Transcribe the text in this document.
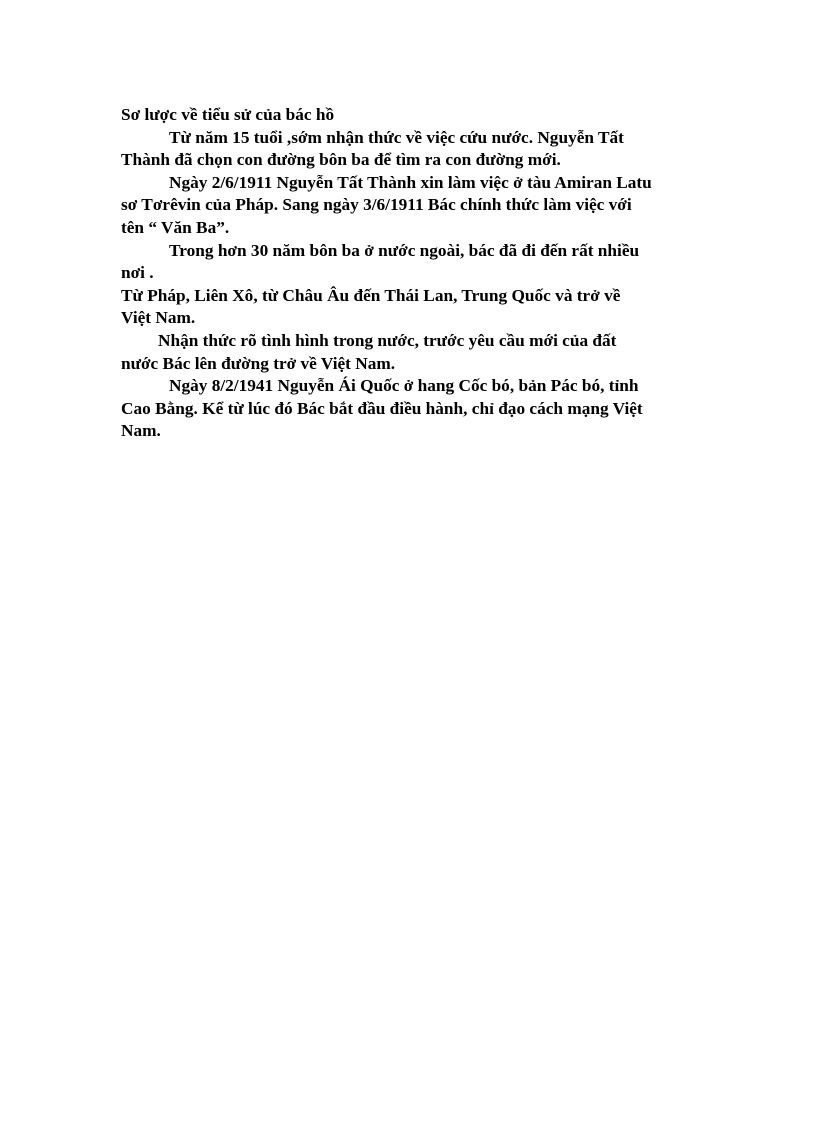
Sơ lược về tiểu sử của bác hồ
Từ năm 15 tuổi ,sớm nhận thức về việc cứu nước. Nguyễn Tất
Thành đã chọn con đường bôn ba để tìm ra con đường mới.
Ngày 2/6/1911 Nguyễn Tất Thành xin làm việc ở tàu Amiran Latu
sơ Tơrêvin của Pháp. Sang ngày 3/6/1911 Bác chính thức làm việc với
tên “ Văn Ba”.
Trong hơn 30 năm bôn ba ở nước ngoài, bác đã đi đến rất nhiều
nơi .
Từ Pháp, Liên Xô, từ Châu Âu đến Thái Lan, Trung Quốc và trở về
Việt Nam.
Nhận thức rõ tình hình trong nước, trước yêu cầu mới của đất
nước Bác lên đường trở về Việt Nam.
Ngày 8/2/1941 Nguyễn Ái Quốc ở hang Cốc bó, bản Pác bó, tỉnh
Cao Bằng. Kể từ lúc đó Bác bắt đầu điều hành, chỉ đạo cách mạng Việt
Nam.
